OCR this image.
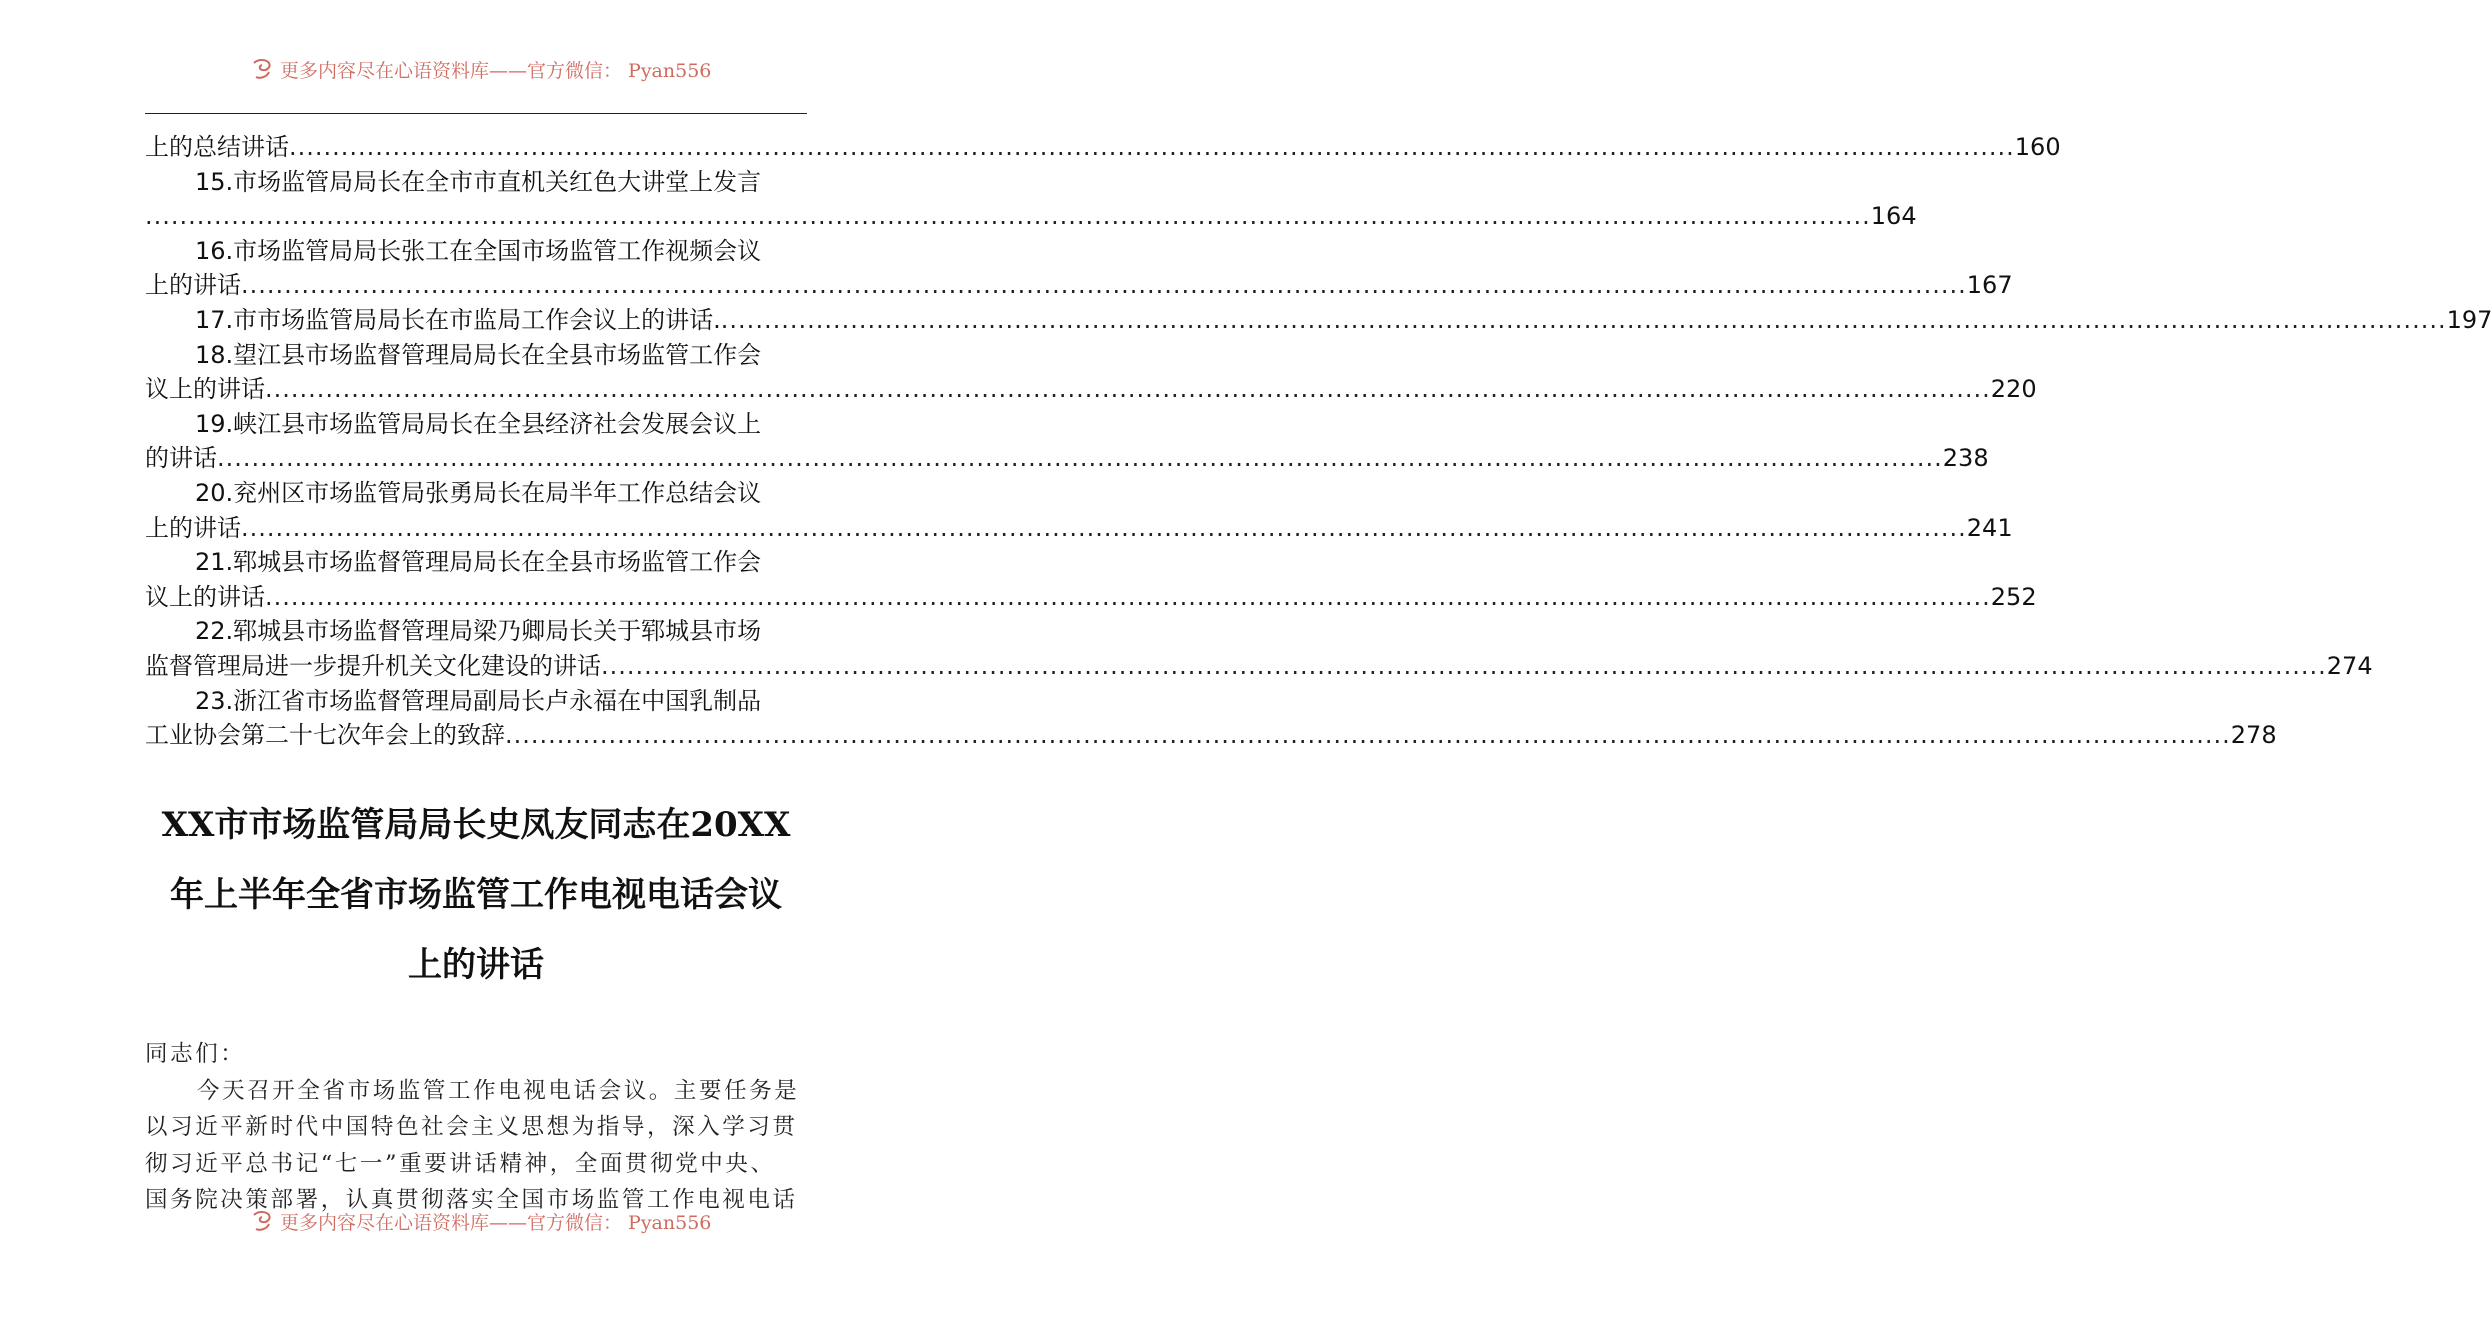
更多内容尽在心语资料库——官方微信： Pyan556
上的总结讲话 ........................................................................................................................................................................................................ 160
15.市场监管局局长在全市市直机关红色大讲堂上发言
........................................................................................................................................................................................................ 164
16.市场监管局局长张工在全国市场监管工作视频会议
上的讲话 ........................................................................................................................................................................................................ 167
17.市市场监管局局长在市监局工作会议上的讲话. ........................................................................................................................................................................................................ 197
18.望江县市场监督管理局局长在全县市场监管工作会
议上的讲话 ........................................................................................................................................................................................................ 220
19.峡江县市场监管局局长在全县经济社会发展会议上
的讲话 ........................................................................................................................................................................................................ 238
20.兖州区市场监管局张勇局长在局半年工作总结会议
上的讲话 ........................................................................................................................................................................................................ 241
21.郓城县市场监督管理局局长在全县市场监管工作会
议上的讲话 ........................................................................................................................................................................................................ 252
22.郓城县市场监督管理局梁乃卿局长关于郓城县市场
监督管理局进一步提升机关文化建设的讲话 ........................................................................................................................................................................................................ 274
23.浙江省市场监督管理局副局长卢永福在中国乳制品
工业协会第二十七次年会上的致辞 ........................................................................................................................................................................................................ 278
XX市市场监管局局长史凤友同志在20XX
年上半年全省市场监管工作电视电话会议
上的讲话

同志们：

今天召开全省市场监管工作电视电话会议。主要任务是

以习近平新时代中国特色社会主义思想为指导，深入学习贯

彻习近平总书记“七一”重要讲话精神，全面贯彻党中央、

国务院决策部署，认真贯彻落实全国市场监管工作电视电话

更多内容尽在心语资料库——官方微信： Pyan556
